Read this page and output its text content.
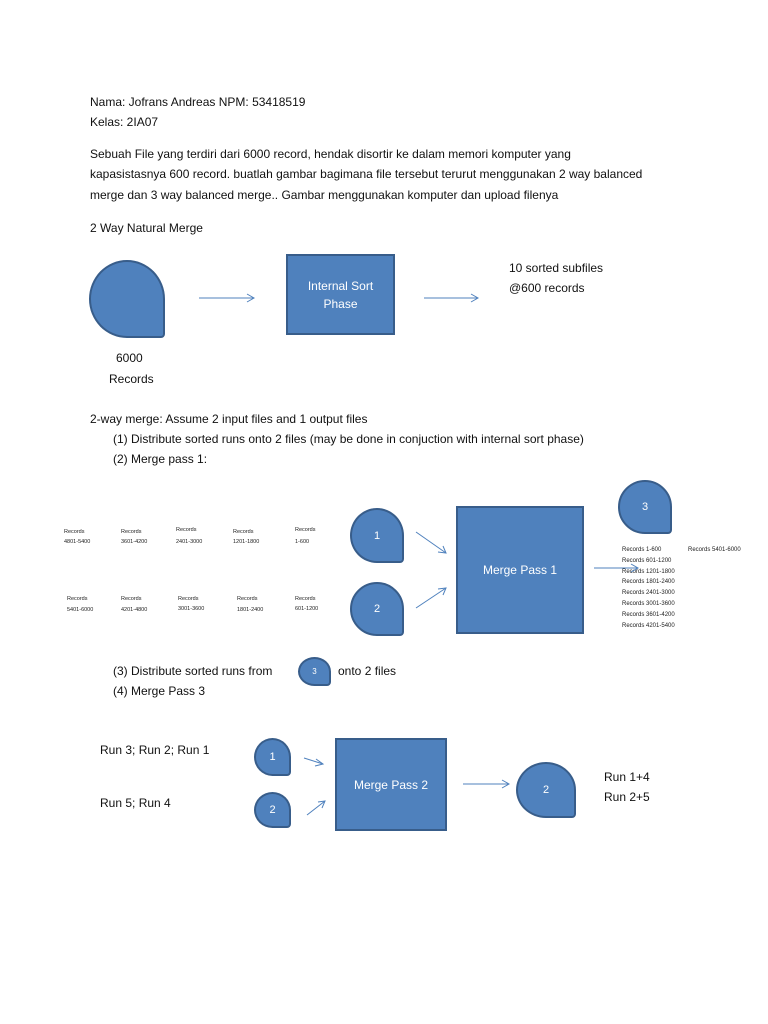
Nama: Jofrans Andreas NPM: 53418519
Kelas: 2IA07
Sebuah File yang terdiri dari 6000 record, hendak disortir ke dalam memori komputer yang
kapasistasnya 600 record. buatlah gambar bagimana file tersebut terurut menggunakan 2 way balanced
merge dan 3 way balanced merge.. Gambar menggunakan komputer dan upload filenya
2 Way Natural Merge
6000
Records
Internal Sort
Phase
10 sorted subfiles
@600 records
2-way merge: Assume 2 input files and 1 output files
(1) Distribute sorted runs onto 2 files (may be done in conjuction with internal sort phase)
(2) Merge pass 1:
Records
4801-5400
Records
3601-4200
Records
2401-3000
Records
1201-1800
Records
1-600
Records
5401-6000
Records
4201-4800
Records
3001-3600
Records
1801-2400
Records
601-1200
1
2
Merge Pass 1
3
Records 1-600
Records 601-1200
Records 1201-1800
Records 1801-2400
Records 2401-3000
Records 3001-3600
Records 3601-4200
Records 4201-5400
Records 5401-6000
(3) Distribute sorted runs from	3 onto 2 files
(4) Merge Pass 3
Run 3; Run 2; Run 1
Run 5; Run 4
1
2
Merge Pass 2	2
Run 1+4
Run 2+5
